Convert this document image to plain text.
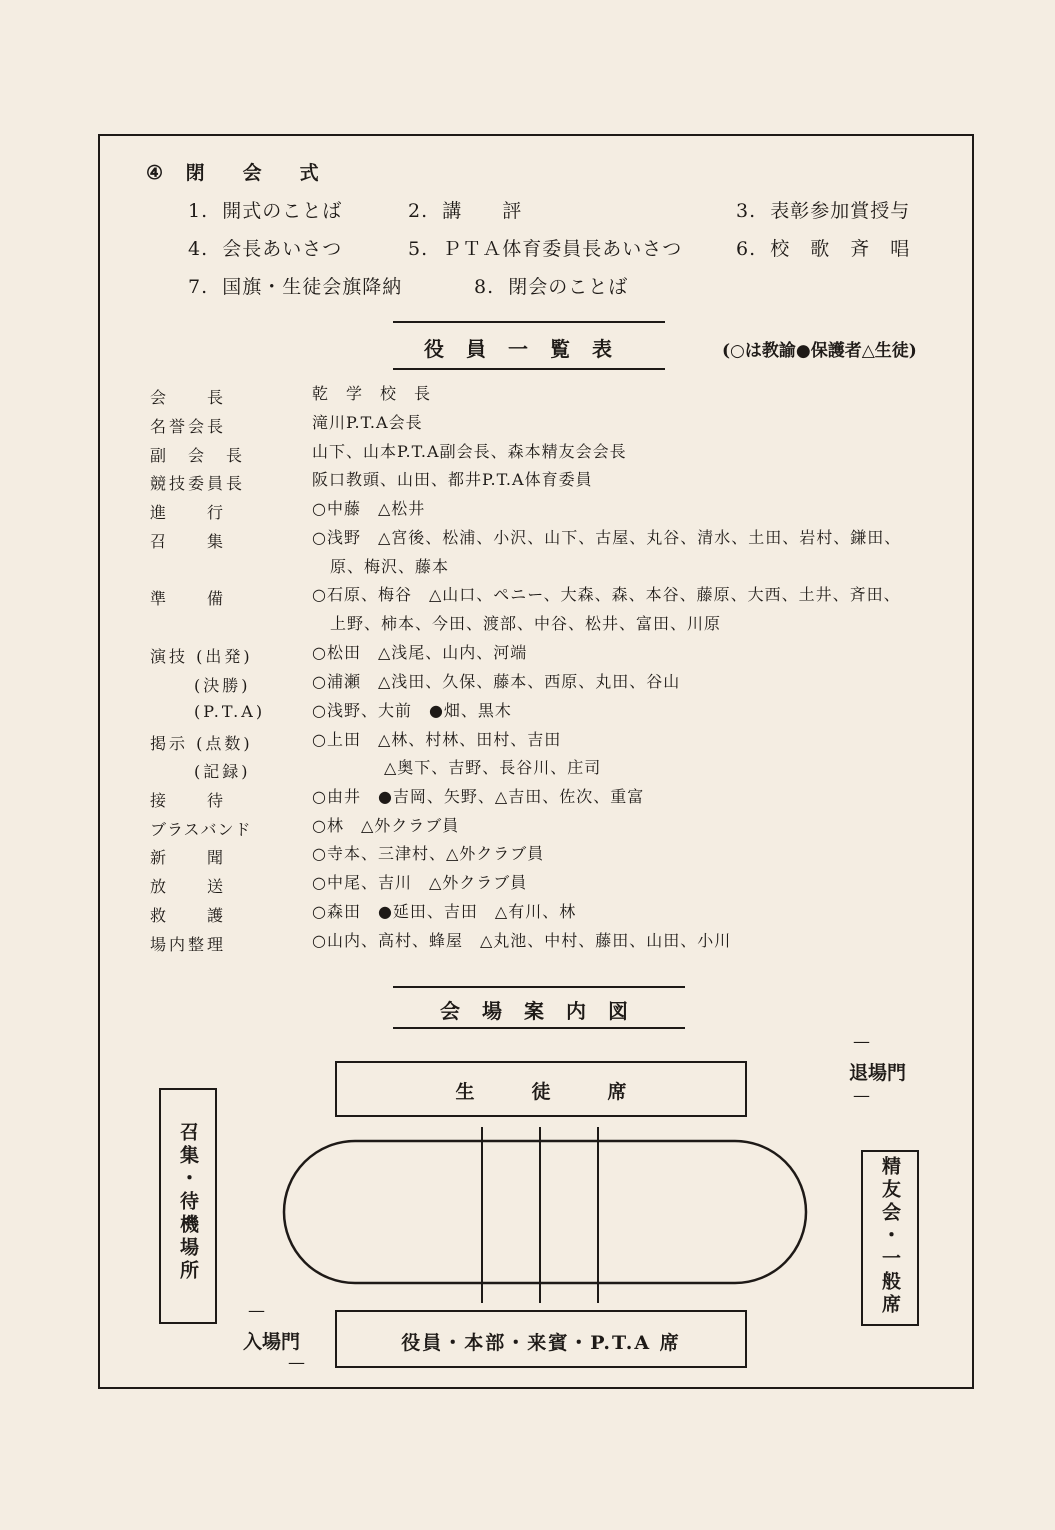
④ 閉会式
1. 開式のことば	2. 講　　評	3. 表彰参加賞授与
4. 会長あいさつ	5. ＰＴＡ体育委員長あいさつ	6. 校　歌　斉　唱
7. 国旗・生徒会旗降納	8. 閉会のことば
役員一覧表	(○は教諭●保護者△生徒)
会　　長	乾　学　校　長
名誉会長	滝川P.T.A会長
副　会　長	山下、山本P.T.A副会長、森本精友会会長
競技委員長	阪口教頭、山田、都井P.T.A体育委員
進　　行	○中藤　△松井
召　　集	○浅野　△宮後、松浦、小沢、山下、古屋、丸谷、清水、土田、岩村、鎌田、
原、梅沢、藤本
準　　備	○石原、梅谷　△山口、ペニー、大森、森、本谷、藤原、大西、土井、斉田、
上野、柿本、今田、渡部、中谷、松井、富田、川原
演技 (出発)	○松田　△浅尾、山内、河端
(決勝)	○浦瀬　△浅田、久保、藤本、西原、丸田、谷山
(P.T.A)	○浅野、大前　●畑、黒木
掲示 (点数)	○上田　△林、村林、田村、吉田
(記録)	△奥下、吉野、長谷川、庄司
接　　待	○由井　●吉岡、矢野、△吉田、佐次、重富
ブラスバンド	○林　△外クラブ員
新　　聞	○寺本、三津村、△外クラブ員
放　　送	○中尾、吉川　△外クラブ員
救　　護	○森田　●延田、吉田　△有川、林
場内整理	○山内、高村、蜂屋　△丸池、中村、藤田、山田、小川
会場案内図
生　　　徒　　　席
召集・待機場所	精友会・一般席
—
退場門
—
—
入場門
—
役員・本部・来賓・P.T.A 席
